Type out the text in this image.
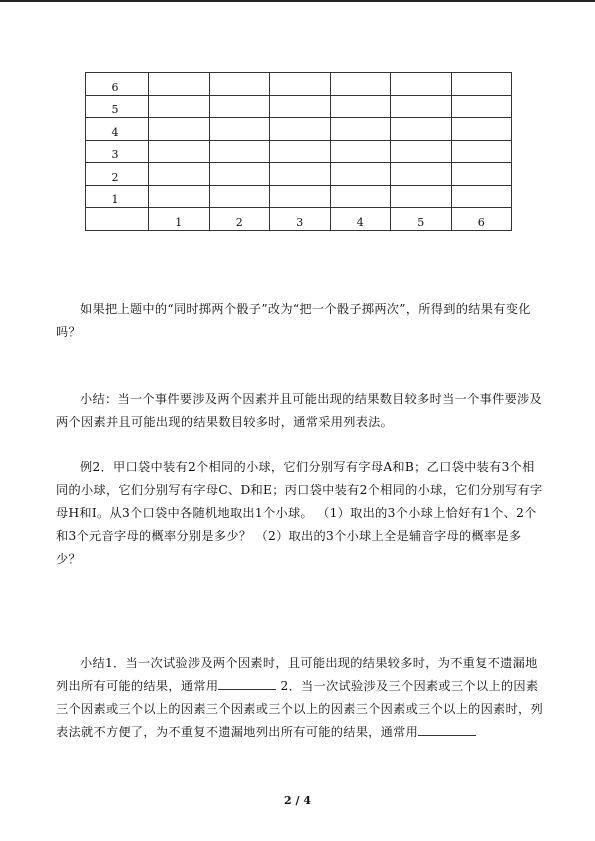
6						
5						
4						
3						
2						
1						
	1	2	3	4	5	6
如果把上题中的“同时掷两个骰子”改为“把一个骰子掷两次”，所得到的结果有变化吗？
小结：当一个事件要涉及两个因素并且可能出现的结果数目较多时当一个事件要涉及两个因素并且可能出现的结果数目较多时，通常采用列表法。
例2．甲口袋中装有2个相同的小球，它们分别写有字母A和B；乙口袋中装有3个相同的小球，它们分别写有字母C、D和E；丙口袋中装有2个相同的小球，它们分别写有字母H和I。从3个口袋中各随机地取出1个小球。 （1）取出的3个小球上恰好有1个、2个和3个元音字母的概率分别是多少？ （2）取出的3个小球上全是辅音字母的概率是多少？
小结1．当一次试验涉及两个因素时，且可能出现的结果较多时，为不重复不遗漏地列出所有可能的结果，通常用	2．当一次试验涉及三个因素或三个以上的因素三个因素或三个以上的因素三个因素或三个以上的因素三个因素或三个以上的因素时，列表法就不方便了，为不重复不遗漏地列出所有可能的结果，通常用
2 / 4
